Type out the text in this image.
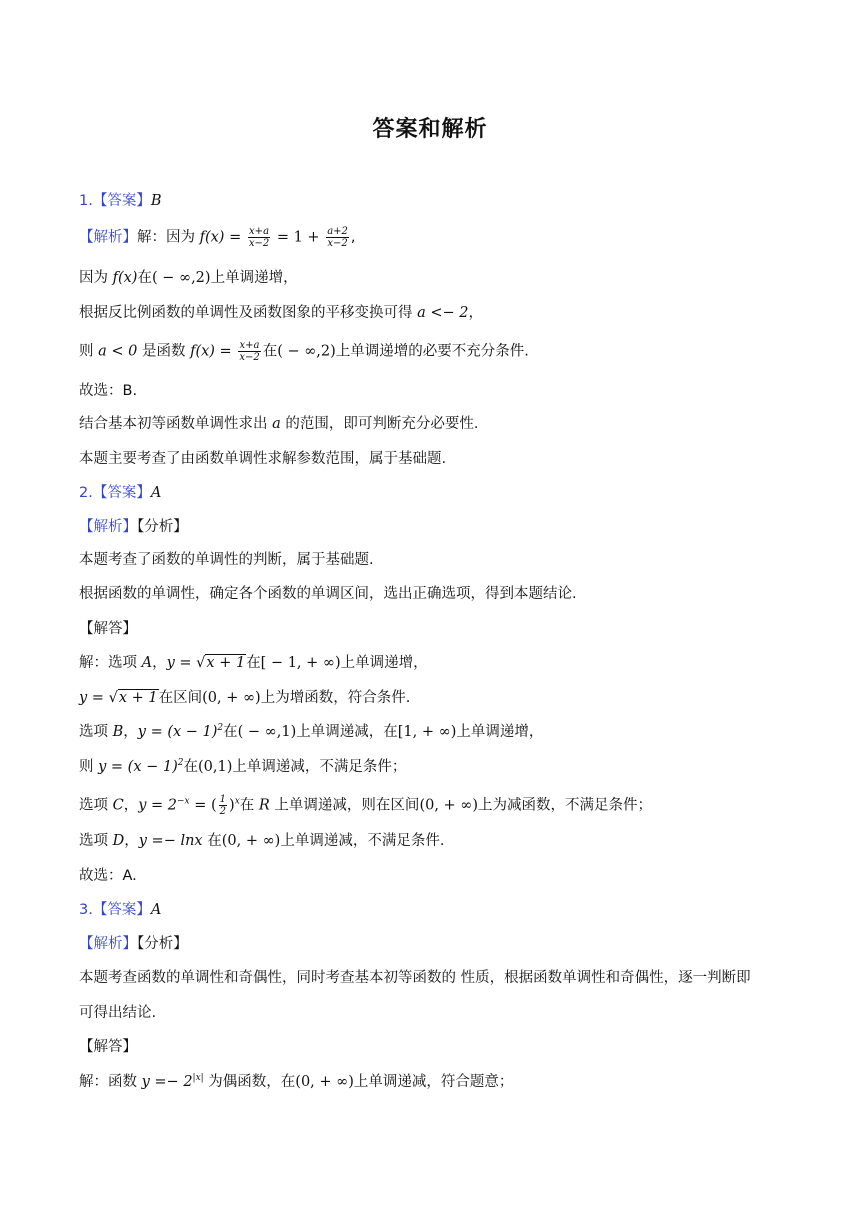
答案和解析
1.【答案】B
【解析】解：因为 $f(x) = \frac{x+a}{x-2} = 1 + \frac{a+2}{x-2}$ ,
因为 f(x)在( − ∞,2)上单调递增，
根据反比例函数的单调性及函数图象的平移变换可得 a <− 2，
则 a < 0 是函数 $f(x) = \frac{x+a}{x-2}$ 在( − ∞,2)上单调递增的必要不充分条件.
故选：B.
结合基本初等函数单调性求出 a 的范围，即可判断充分必要性.
本题主要考查了由函数单调性求解参数范围，属于基础题.
2.【答案】A
【解析】【分析】
本题考查了函数的单调性的判断，属于基础题.
根据函数的单调性，确定各个函数的单调区间，选出正确选项，得到本题结论.
【解答】
解：选项 A，y = √x + 1在[ − 1, + ∞)上单调递增，
y = √x + 1在区间(0, + ∞)上为增函数，符合条件.
选项 B，$y = (x - 1)^2$在( − ∞,1)上单调递减，在[1, + ∞)上单调递增，
则 $y = (x - 1)^2$在(0,1)上单调递减，不满足条件；
选项 C，$y = 2^{-x}$ = ( $\frac{1}{2} )^x$在 R 上单调递减，则在区间(0, + ∞)上为减函数，不满足条件；
选项 D，y =− lnx 在(0, + ∞)上单调递减，不满足条件.
故选：A.
3.【答案】A
【解析】【分析】
本题考查函数的单调性和奇偶性，同时考查基本初等函数的 性质，根据函数单调性和奇偶性，逐一判断即
可得出结论.
【解答】
解：函数 $y =- 2^{|x|}$ 为偶函数，在(0, + ∞)上单调递减，符合题意；
